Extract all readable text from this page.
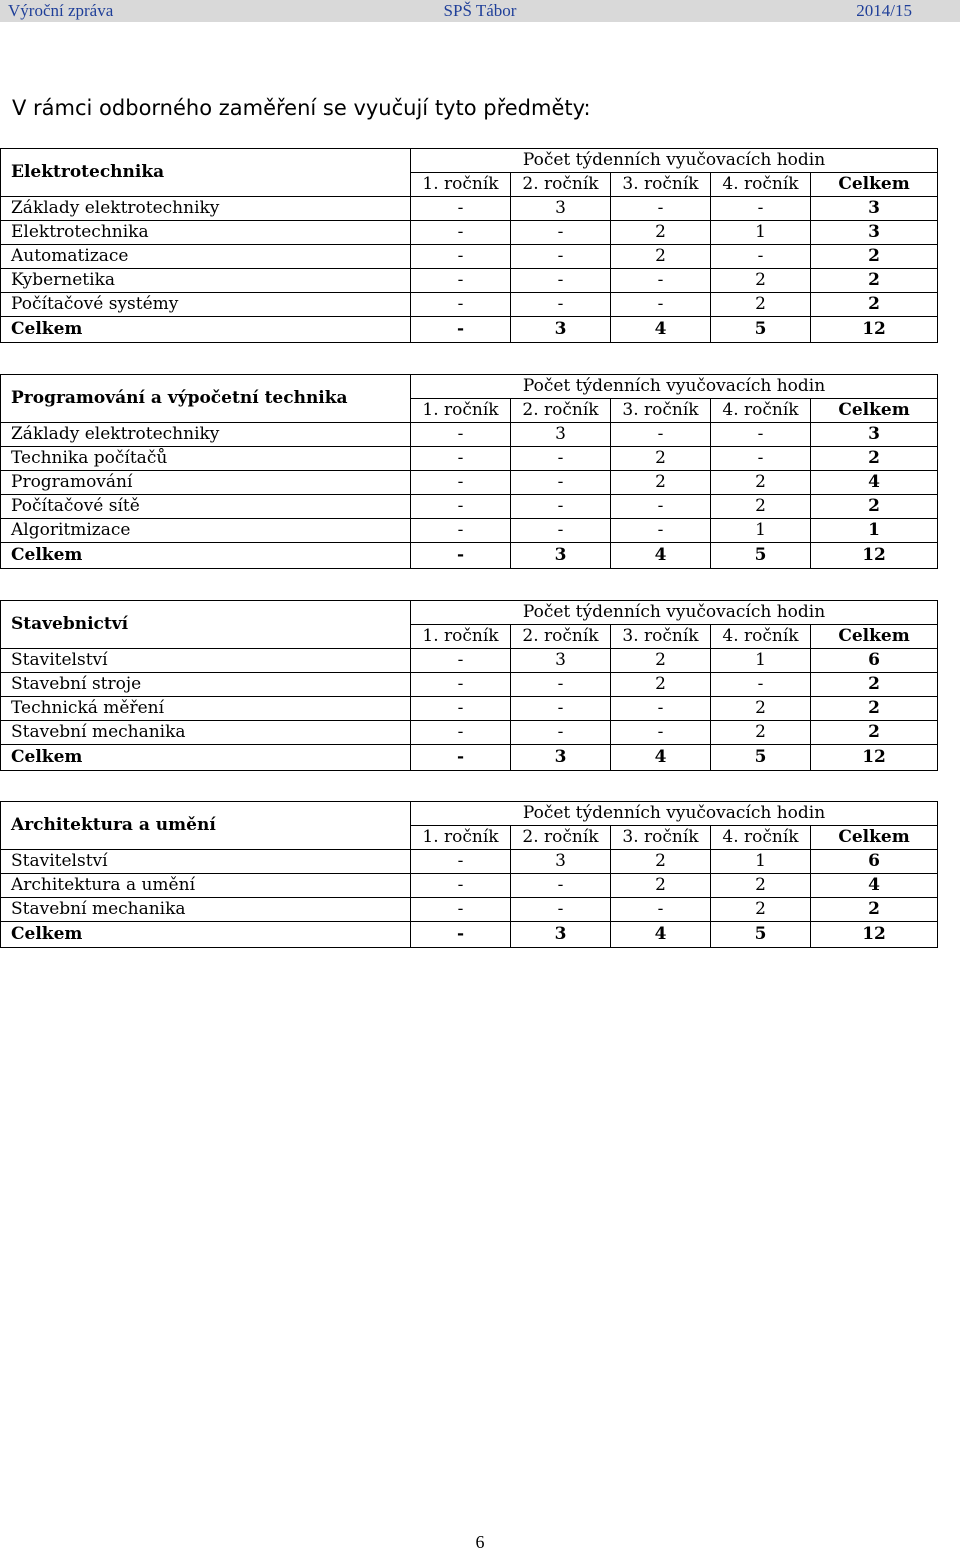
Výroční zpráva	SPŠ Tábor	2014/15
V rámci odborného zaměření se vyučují tyto předměty:
Elektrotechnika	Počet týdenních vyučovacích hodin				
	1. ročník	2. ročník	3. ročník	4. ročník	Celkem
Základy elektrotechniky	-	3	-	-	3
Elektrotechnika	-	-	2	1	3
Automatizace	-	-	2	-	2
Kybernetika	-	-	-	2	2
Počítačové systémy	-	-	-	2	2
Celkem	-	3	4	5	12
Programování a výpočetní technika	Počet týdenních vyučovacích hodin				
	1. ročník	2. ročník	3. ročník	4. ročník	Celkem
Základy elektrotechniky	-	3	-	-	3
Technika počítačů	-	-	2	-	2
Programování	-	-	2	2	4
Počítačové sítě	-	-	-	2	2
Algoritmizace	-	-	-	1	1
Celkem	-	3	4	5	12
Stavebnictví	Počet týdenních vyučovacích hodin				
	1. ročník	2. ročník	3. ročník	4. ročník	Celkem
Stavitelství	-	3	2	1	6
Stavební stroje	-	-	2	-	2
Technická měření	-	-	-	2	2
Stavební mechanika	-	-	-	2	2
Celkem	-	3	4	5	12
Architektura a umění	Počet týdenních vyučovacích hodin				
	1. ročník	2. ročník	3. ročník	4. ročník	Celkem
Stavitelství	-	3	2	1	6
Architektura a umění	-	-	2	2	4
Stavební mechanika	-	-	-	2	2
Celkem	-	3	4	5	12
6
